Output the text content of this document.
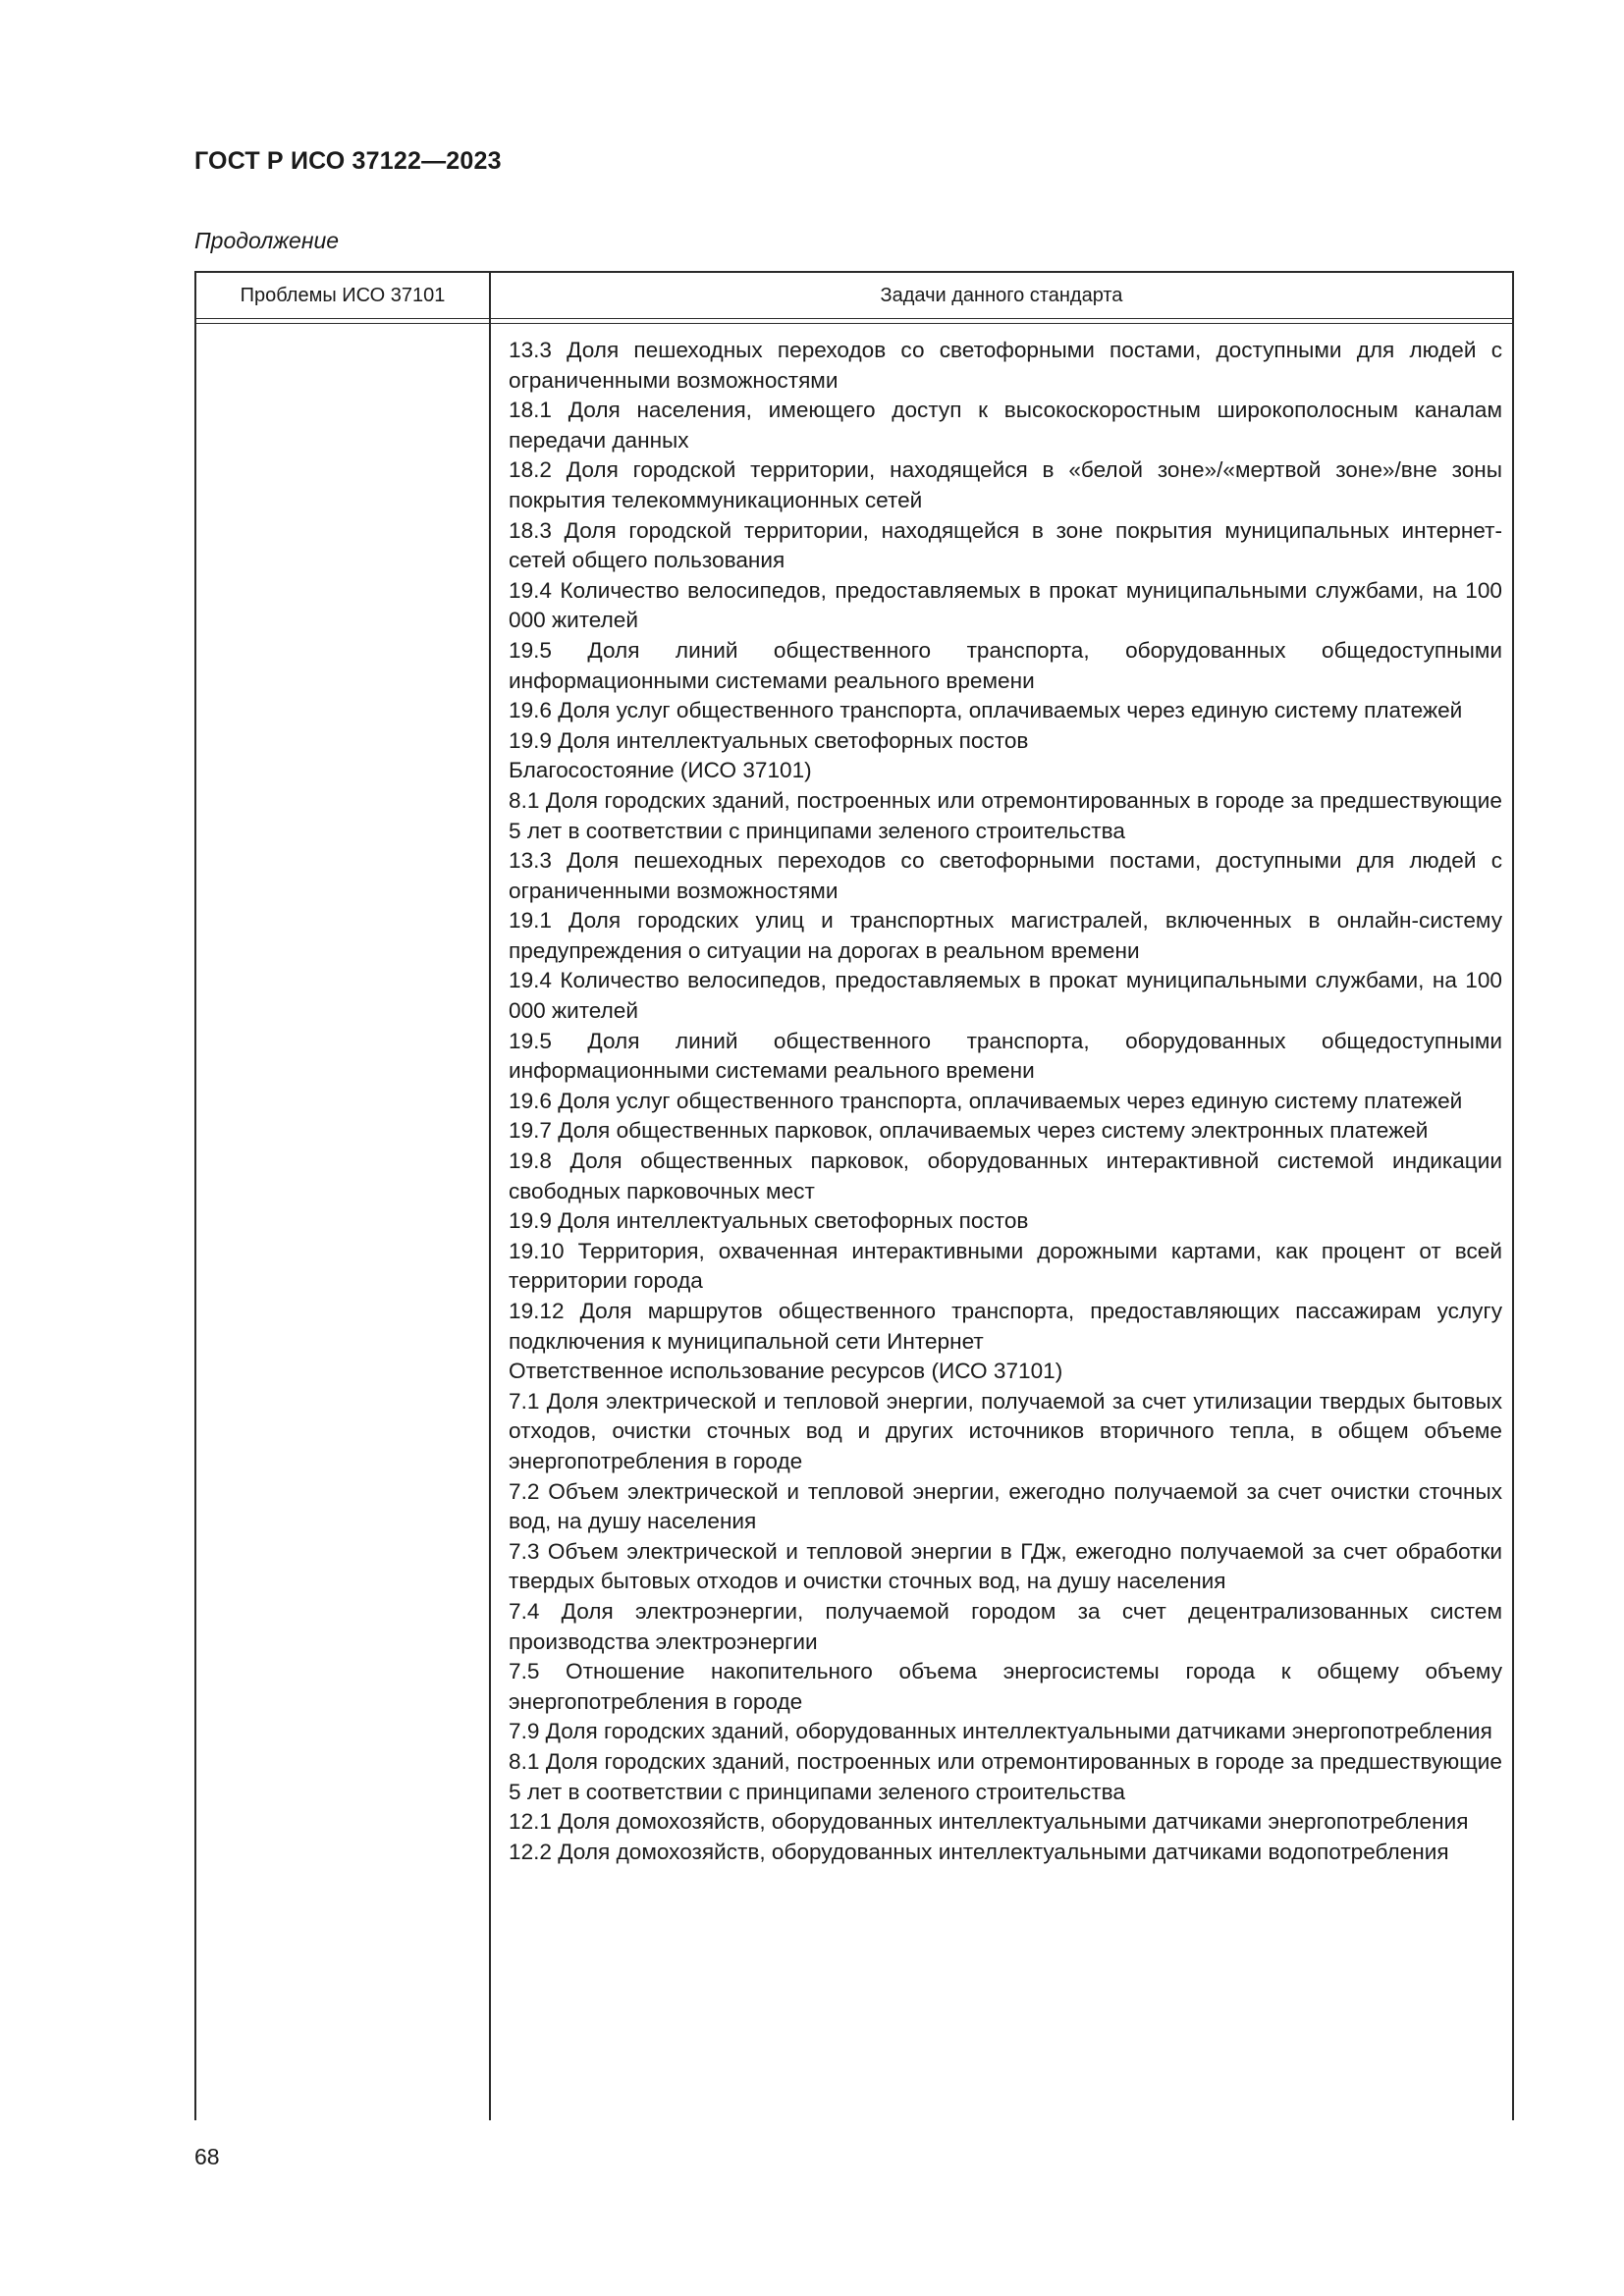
ГОСТ Р ИСО 37122—2023
Продолжение
Проблемы ИСО 37101	Задачи данного стандарта
13.3 Доля пешеходных переходов со светофорными постами, доступными для людей с ограниченными возможностями
18.1 Доля населения, имеющего доступ к высокоскоростным широкополосным каналам передачи данных
18.2 Доля городской территории, находящейся в «белой зоне»/«мертвой зоне»/вне зоны покрытия телекоммуникационных сетей
18.3 Доля городской территории, находящейся в зоне покрытия муниципальных интернет-сетей общего пользования
19.4 Количество велосипедов, предоставляемых в прокат муниципальными службами, на 100 000 жителей
19.5 Доля линий общественного транспорта, оборудованных общедоступными информационными системами реального времени
19.6 Доля услуг общественного транспорта, оплачиваемых через единую систему платежей
19.9 Доля интеллектуальных светофорных постов
Благосостояние (ИСО 37101)
8.1 Доля городских зданий, построенных или отремонтированных в городе за предшествующие 5 лет в соответствии с принципами зеленого строительства
13.3 Доля пешеходных переходов со светофорными постами, доступными для людей с ограниченными возможностями
19.1 Доля городских улиц и транспортных магистралей, включенных в онлайн-систему предупреждения о ситуации на дорогах в реальном времени
19.4 Количество велосипедов, предоставляемых в прокат муниципальными службами, на 100 000 жителей
19.5 Доля линий общественного транспорта, оборудованных общедоступными информационными системами реального времени
19.6 Доля услуг общественного транспорта, оплачиваемых через единую систему платежей
19.7 Доля общественных парковок, оплачиваемых через систему электронных платежей
19.8 Доля общественных парковок, оборудованных интерактивной системой индикации свободных парковочных мест
19.9 Доля интеллектуальных светофорных постов
19.10 Территория, охваченная интерактивными дорожными картами, как процент от всей территории города
19.12 Доля маршрутов общественного транспорта, предоставляющих пассажирам услугу подключения к муниципальной сети Интернет
Ответственное использование ресурсов (ИСО 37101)
7.1 Доля электрической и тепловой энергии, получаемой за счет утилизации твердых бытовых отходов, очистки сточных вод и других источников вторичного тепла, в общем объеме энергопотребления в городе
7.2 Объем электрической и тепловой энергии, ежегодно получаемой за счет очистки сточных вод, на душу населения
7.3 Объем электрической и тепловой энергии в ГДж, ежегодно получаемой за счет обработки твердых бытовых отходов и очистки сточных вод, на душу населения
7.4 Доля электроэнергии, получаемой городом за счет децентрализованных систем производства электроэнергии
7.5 Отношение накопительного объема энергосистемы города к общему объему энергопотребления в городе
7.9 Доля городских зданий, оборудованных интеллектуальными датчиками энергопотребления
8.1 Доля городских зданий, построенных или отремонтированных в городе за предшествующие 5 лет в соответствии с принципами зеленого строительства
12.1 Доля домохозяйств, оборудованных интеллектуальными датчиками энергопотребления
12.2 Доля домохозяйств, оборудованных интеллектуальными датчиками водопотребления
68
